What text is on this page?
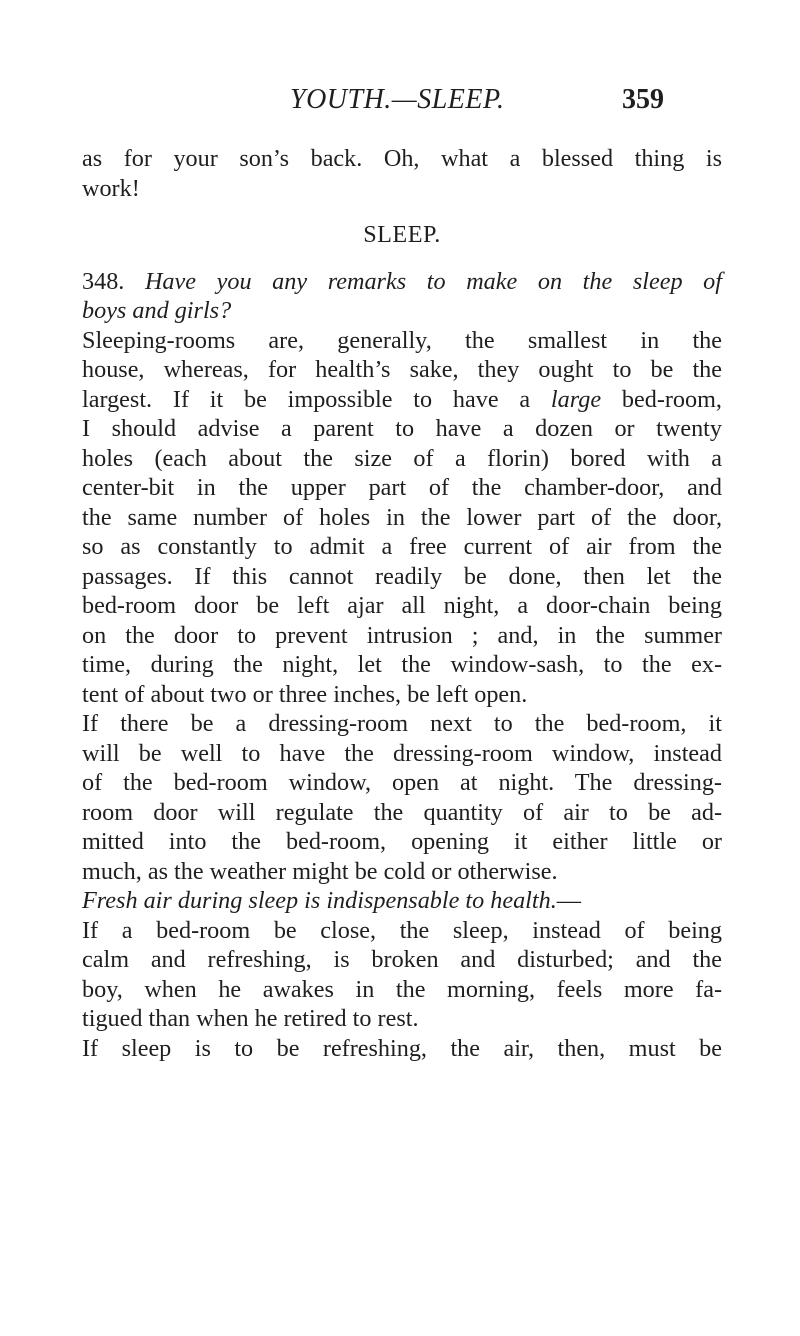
YOUTH.—SLEEP.	359

as for your son’s back. Oh, what a blessed thing is
work!

SLEEP.

348. Have you any remarks to make on the sleep of
boys and girls?

Sleeping-rooms are, generally, the smallest in the
house, whereas, for health’s sake, they ought to be the
largest. If it be impossible to have a large bed-room,
I should advise a parent to have a dozen or twenty
holes (each about the size of a florin) bored with a
center-bit in the upper part of the chamber-door, and
the same number of holes in the lower part of the door,
so as constantly to admit a free current of air from the
passages. If this cannot readily be done, then let the
bed-room door be left ajar all night, a door-chain being
on the door to prevent intrusion ; and, in the summer
time, during the night, let the window-sash, to the ex-
tent of about two or three inches, be left open.

If there be a dressing-room next to the bed-room, it
will be well to have the dressing-room window, instead
of the bed-room window, open at night. The dressing-
room door will regulate the quantity of air to be ad-
mitted into the bed-room, opening it either little or
much, as the weather might be cold or otherwise.

Fresh air during sleep is indispensable to health.—
If a bed-room be close, the sleep, instead of being
calm and refreshing, is broken and disturbed; and the
boy, when he awakes in the morning, feels more fa-
tigued than when he retired to rest.

If sleep is to be refreshing, the air, then, must be
